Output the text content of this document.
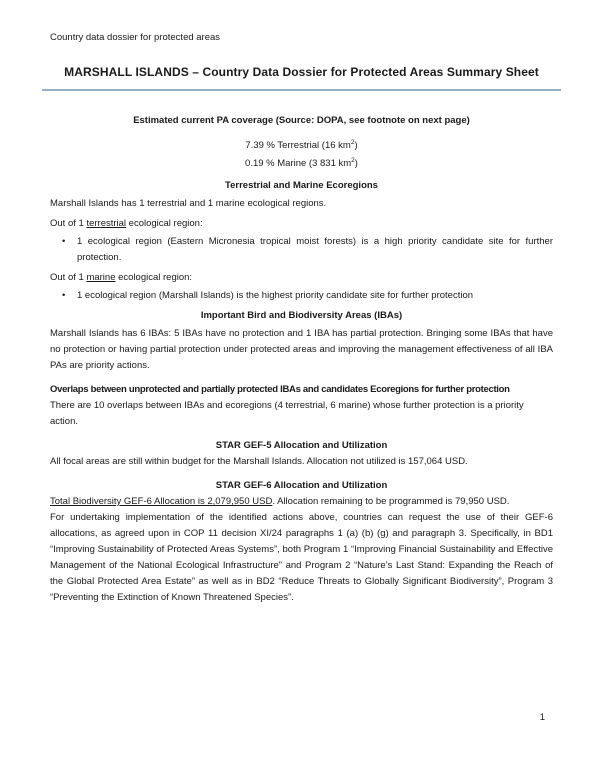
Country data dossier for protected areas

MARSHALL ISLANDS – Country Data Dossier for Protected Areas Summary Sheet
Estimated current PA coverage (Source: DOPA, see footnote on next page)

7.39 % Terrestrial (16 $km^2$)

0.19 % Marine (3 831 $km^2$)

Terrestrial and Marine Ecoregions

Marshall Islands has 1 terrestrial and 1 marine ecological regions.

Out of 1 terrestrial ecological region:

• 1 ecological region (Eastern Micronesia tropical moist forests) is a high priority candidate site for further protection.

Out of 1 marine ecological region:

• 1 ecological region (Marshall Islands) is the highest priority candidate site for further protection
Important Bird and Biodiversity Areas (IBAs)

Marshall Islands has 6 IBAs: 5 IBAs have no protection and 1 IBA has partial protection. Bringing some IBAs that have no protection or having partial protection under protected areas and improving the management effectiveness of all IBA PAs are priority actions.

Overlaps between unprotected and partially protected IBAs and candidates Ecoregions for further protection

There are 10 overlaps between IBAs and ecoregions (4 terrestrial, 6 marine) whose further protection is a priority action.

STAR GEF-5 Allocation and Utilization

All focal areas are still within budget for the Marshall Islands. Allocation not utilized is 157,064 USD.

STAR GEF-6 Allocation and Utilization

Total Biodiversity GEF-6 Allocation is 2,079,950 USD. Allocation remaining to be programmed is 79,950 USD.

For undertaking implementation of the identified actions above, countries can request the use of their GEF-6 allocations, as agreed upon in COP 11 decision XI/24 paragraphs 1 (a) (b) (g) and paragraph 3. Specifically, in BD1 “Improving Sustainability of Protected Areas Systems”, both Program 1 “Improving Financial Sustainability and Effective Management of the National Ecological Infrastructure” and Program 2 “Nature’s Last Stand: Expanding the Reach of the Global Protected Area Estate” as well as in BD2 “Reduce Threats to Globally Significant Biodiversity”, Program 3 “Preventing the Extinction of Known Threatened Species”.

1
